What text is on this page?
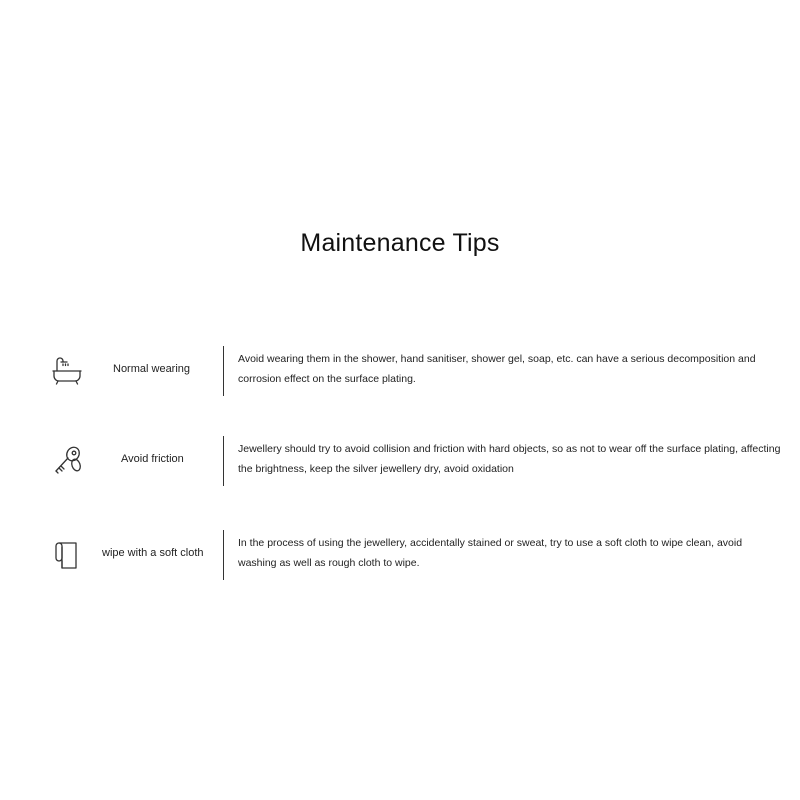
Maintenance Tips
Normal wearing
Avoid wearing them in the shower, hand sanitiser, shower gel, soap, etc. can have a serious decomposition and corrosion effect on the surface plating.
Avoid friction
Jewellery should try to avoid collision and friction with hard objects, so as not to wear off the surface plating, affecting the brightness, keep the silver jewellery dry, avoid oxidation
wipe with a soft cloth
In the process of using the jewellery, accidentally stained or sweat, try to use a soft cloth to wipe clean, avoid washing as well as rough cloth to wipe.
